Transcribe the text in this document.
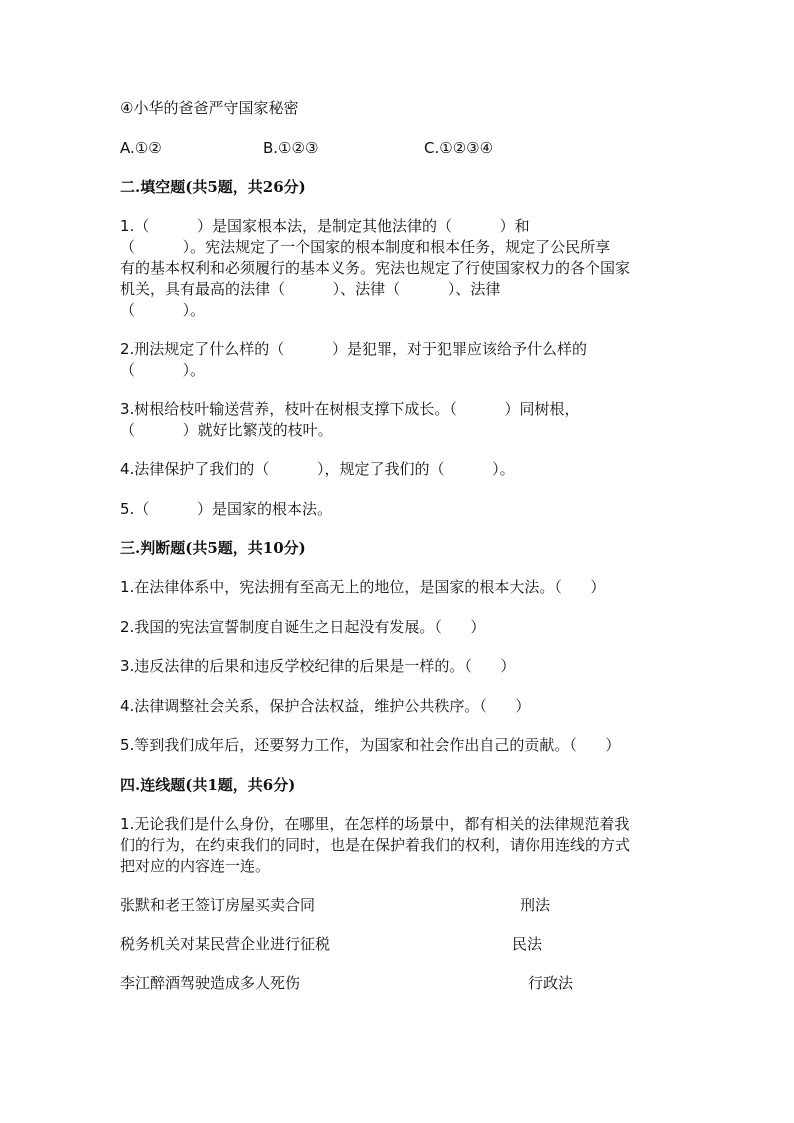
④小华的爸爸严守国家秘密
A.①②	B.①②③	C.①②③④
二.填空题(共5题，共26分)
1.（          ）是国家根本法，是制定其他法律的（          ）和
（          ）。宪法规定了一个国家的根本制度和根本任务，规定了公民所享
有的基本权利和必须履行的基本义务。宪法也规定了行使国家权力的各个国家
机关，具有最高的法律（          ）、法律（          ）、法律
（          ）。
2.刑法规定了什么样的（          ）是犯罪，对于犯罪应该给予什么样的
（          ）。
3.树根给枝叶输送营养，枝叶在树根支撑下成长。（          ）同树根，
（          ）就好比繁茂的枝叶。
4.法律保护了我们的（          ），规定了我们的（          ）。
5.（          ）是国家的根本法。
三.判断题(共5题，共10分)
1.在法律体系中，宪法拥有至高无上的地位，是国家的根本大法。（      ）
2.我国的宪法宣誓制度自诞生之日起没有发展。（      ）
3.违反法律的后果和违反学校纪律的后果是一样的。（      ）
4.法律调整社会关系，保护合法权益，维护公共秩序。（      ）
5.等到我们成年后，还要努力工作，为国家和社会作出自己的贡献。（      ）
四.连线题(共1题，共6分)
1.无论我们是什么身份，在哪里，在怎样的场景中，都有相关的法律规范着我
们的行为，在约束我们的同时，也是在保护着我们的权利，请你用连线的方式
把对应的内容连一连。
张默和老王签订房屋买卖合同	刑法
税务机关对某民营企业进行征税	民法
李江醉酒驾驶造成多人死伤	行政法
